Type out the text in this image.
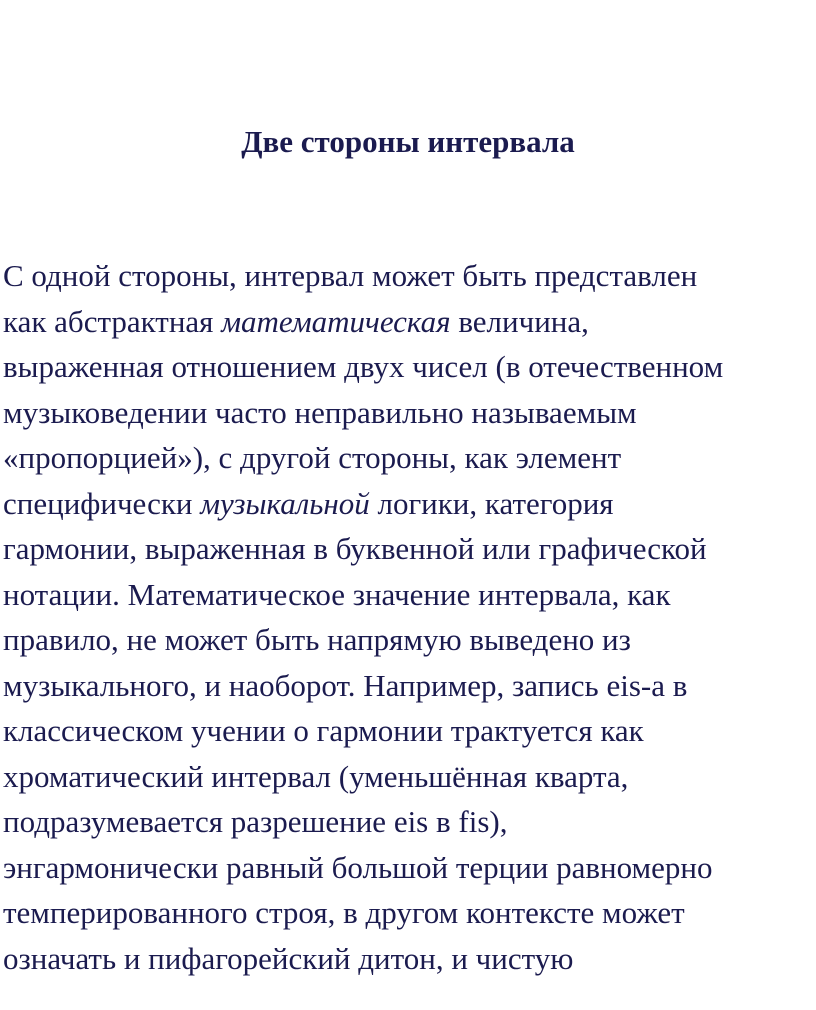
Две стороны интервала
С одной стороны, интервал может быть представлен
как абстрактная математическая величина,
выраженная отношением двух чисел (в отечественном
музыковедении часто неправильно называемым
«пропорцией»), с другой стороны, как элемент
специфически музыкальной логики, категория
гармонии, выраженная в буквенной или графической
нотации. Математическое значение интервала, как
правило, не может быть напрямую выведено из
музыкального, и наоборот. Например, запись eis-a в
классическом учении о гармонии трактуется как
хроматический интервал (уменьшённая кварта,
подразумевается разрешение eis в fis),
энгармонически равный большой терции равномерно
темперированного строя, в другом контексте может
означать и пифагорейский дитон, и чистую
